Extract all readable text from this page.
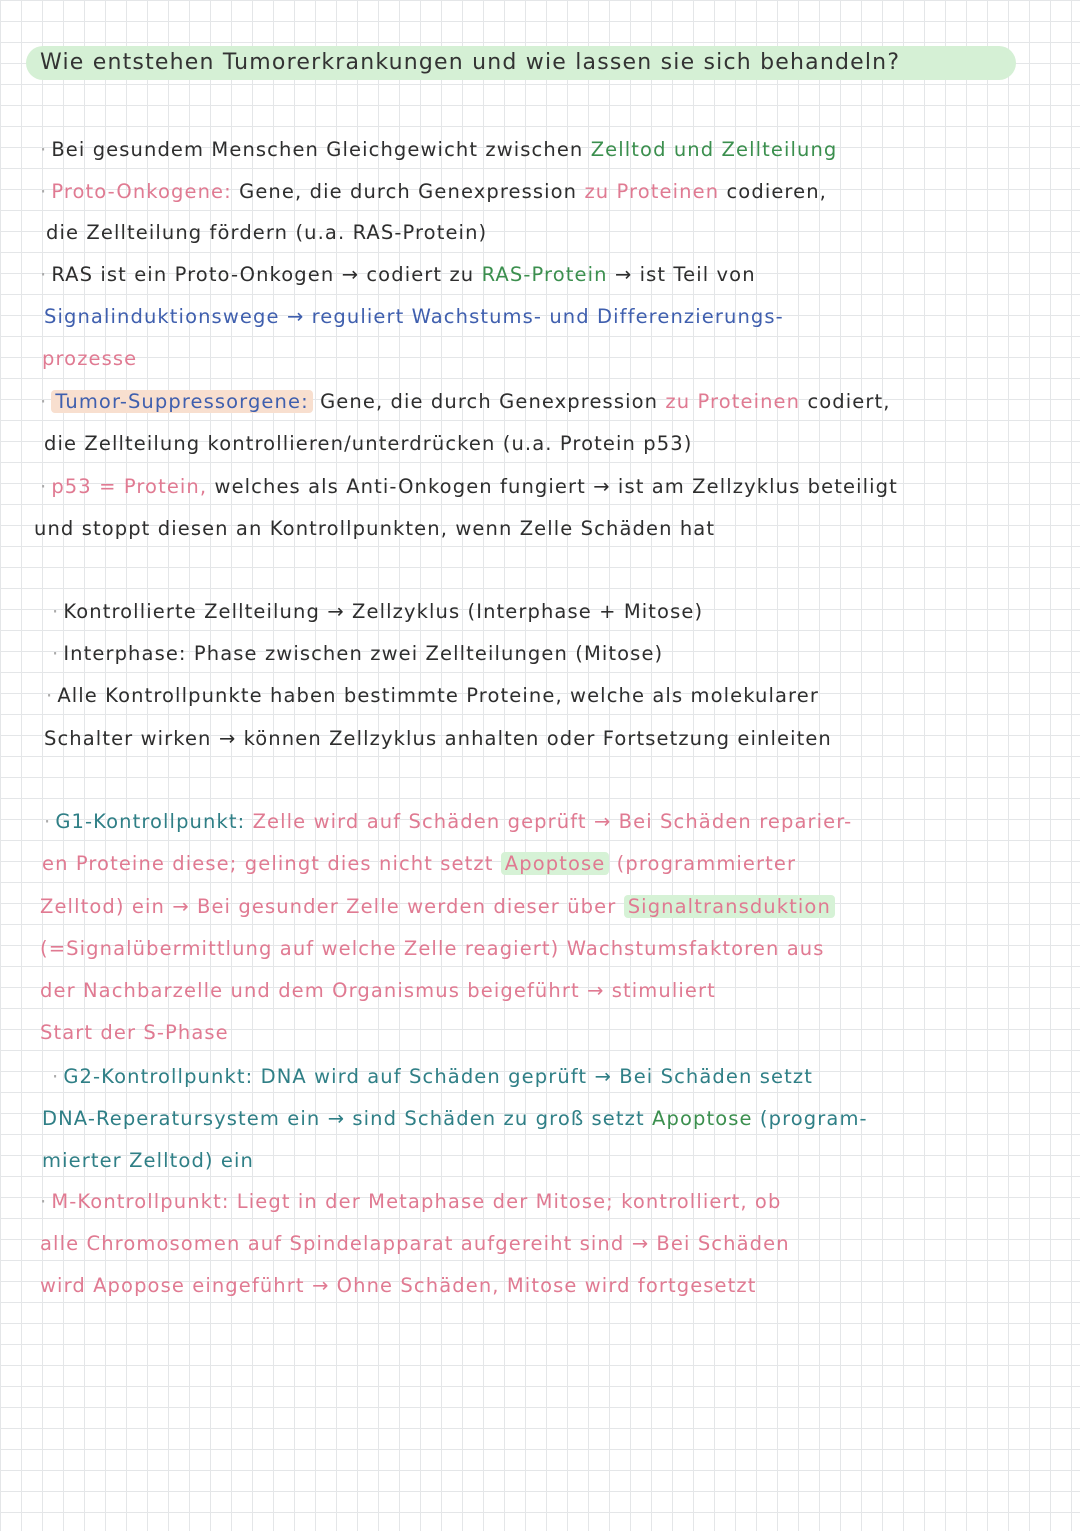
Wie entstehen Tumorerkrankungen und wie lassen sie sich behandeln?
· Bei gesundem Menschen Gleichgewicht zwischen Zelltod und Zellteilung
· Proto-Onkogene: Gene, die durch Genexpression zu Proteinen codieren,
die Zellteilung fördern (u.a. RAS-Protein)
· RAS ist ein Proto-Onkogen → codiert zu RAS-Protein → ist Teil von
Signalinduktionswege → reguliert Wachstums- und Differenzierungs-
prozesse
· Tumor-Suppressorgene: Gene, die durch Genexpression zu Proteinen codiert,
die Zellteilung kontrollieren/unterdrücken (u.a. Protein p53)
· p53 = Protein, welches als Anti-Onkogen fungiert → ist am Zellzyklus beteiligt
und stoppt diesen an Kontrollpunkten, wenn Zelle Schäden hat
· Kontrollierte Zellteilung → Zellzyklus (Interphase + Mitose)
· Interphase: Phase zwischen zwei Zellteilungen (Mitose)
· Alle Kontrollpunkte haben bestimmte Proteine, welche als molekularer
Schalter wirken → können Zellzyklus anhalten oder Fortsetzung einleiten
· G1-Kontrollpunkt: Zelle wird auf Schäden geprüft → Bei Schäden reparier-
en Proteine diese; gelingt dies nicht setzt Apoptose (programmierter
Zelltod) ein → Bei gesunder Zelle werden dieser über Signaltransduktion
(=Signalübermittlung auf welche Zelle reagiert) Wachstumsfaktoren aus
der Nachbarzelle und dem Organismus beigeführt → stimuliert
Start der S-Phase
· G2-Kontrollpunkt: DNA wird auf Schäden geprüft → Bei Schäden setzt
DNA-Reperatursystem ein → sind Schäden zu groß setzt Apoptose (program-
mierter Zelltod) ein
· M-Kontrollpunkt: Liegt in der Metaphase der Mitose; kontrolliert, ob
alle Chromosomen auf Spindelapparat aufgereiht sind → Bei Schäden
wird Apopose eingeführt → Ohne Schäden, Mitose wird fortgesetzt
